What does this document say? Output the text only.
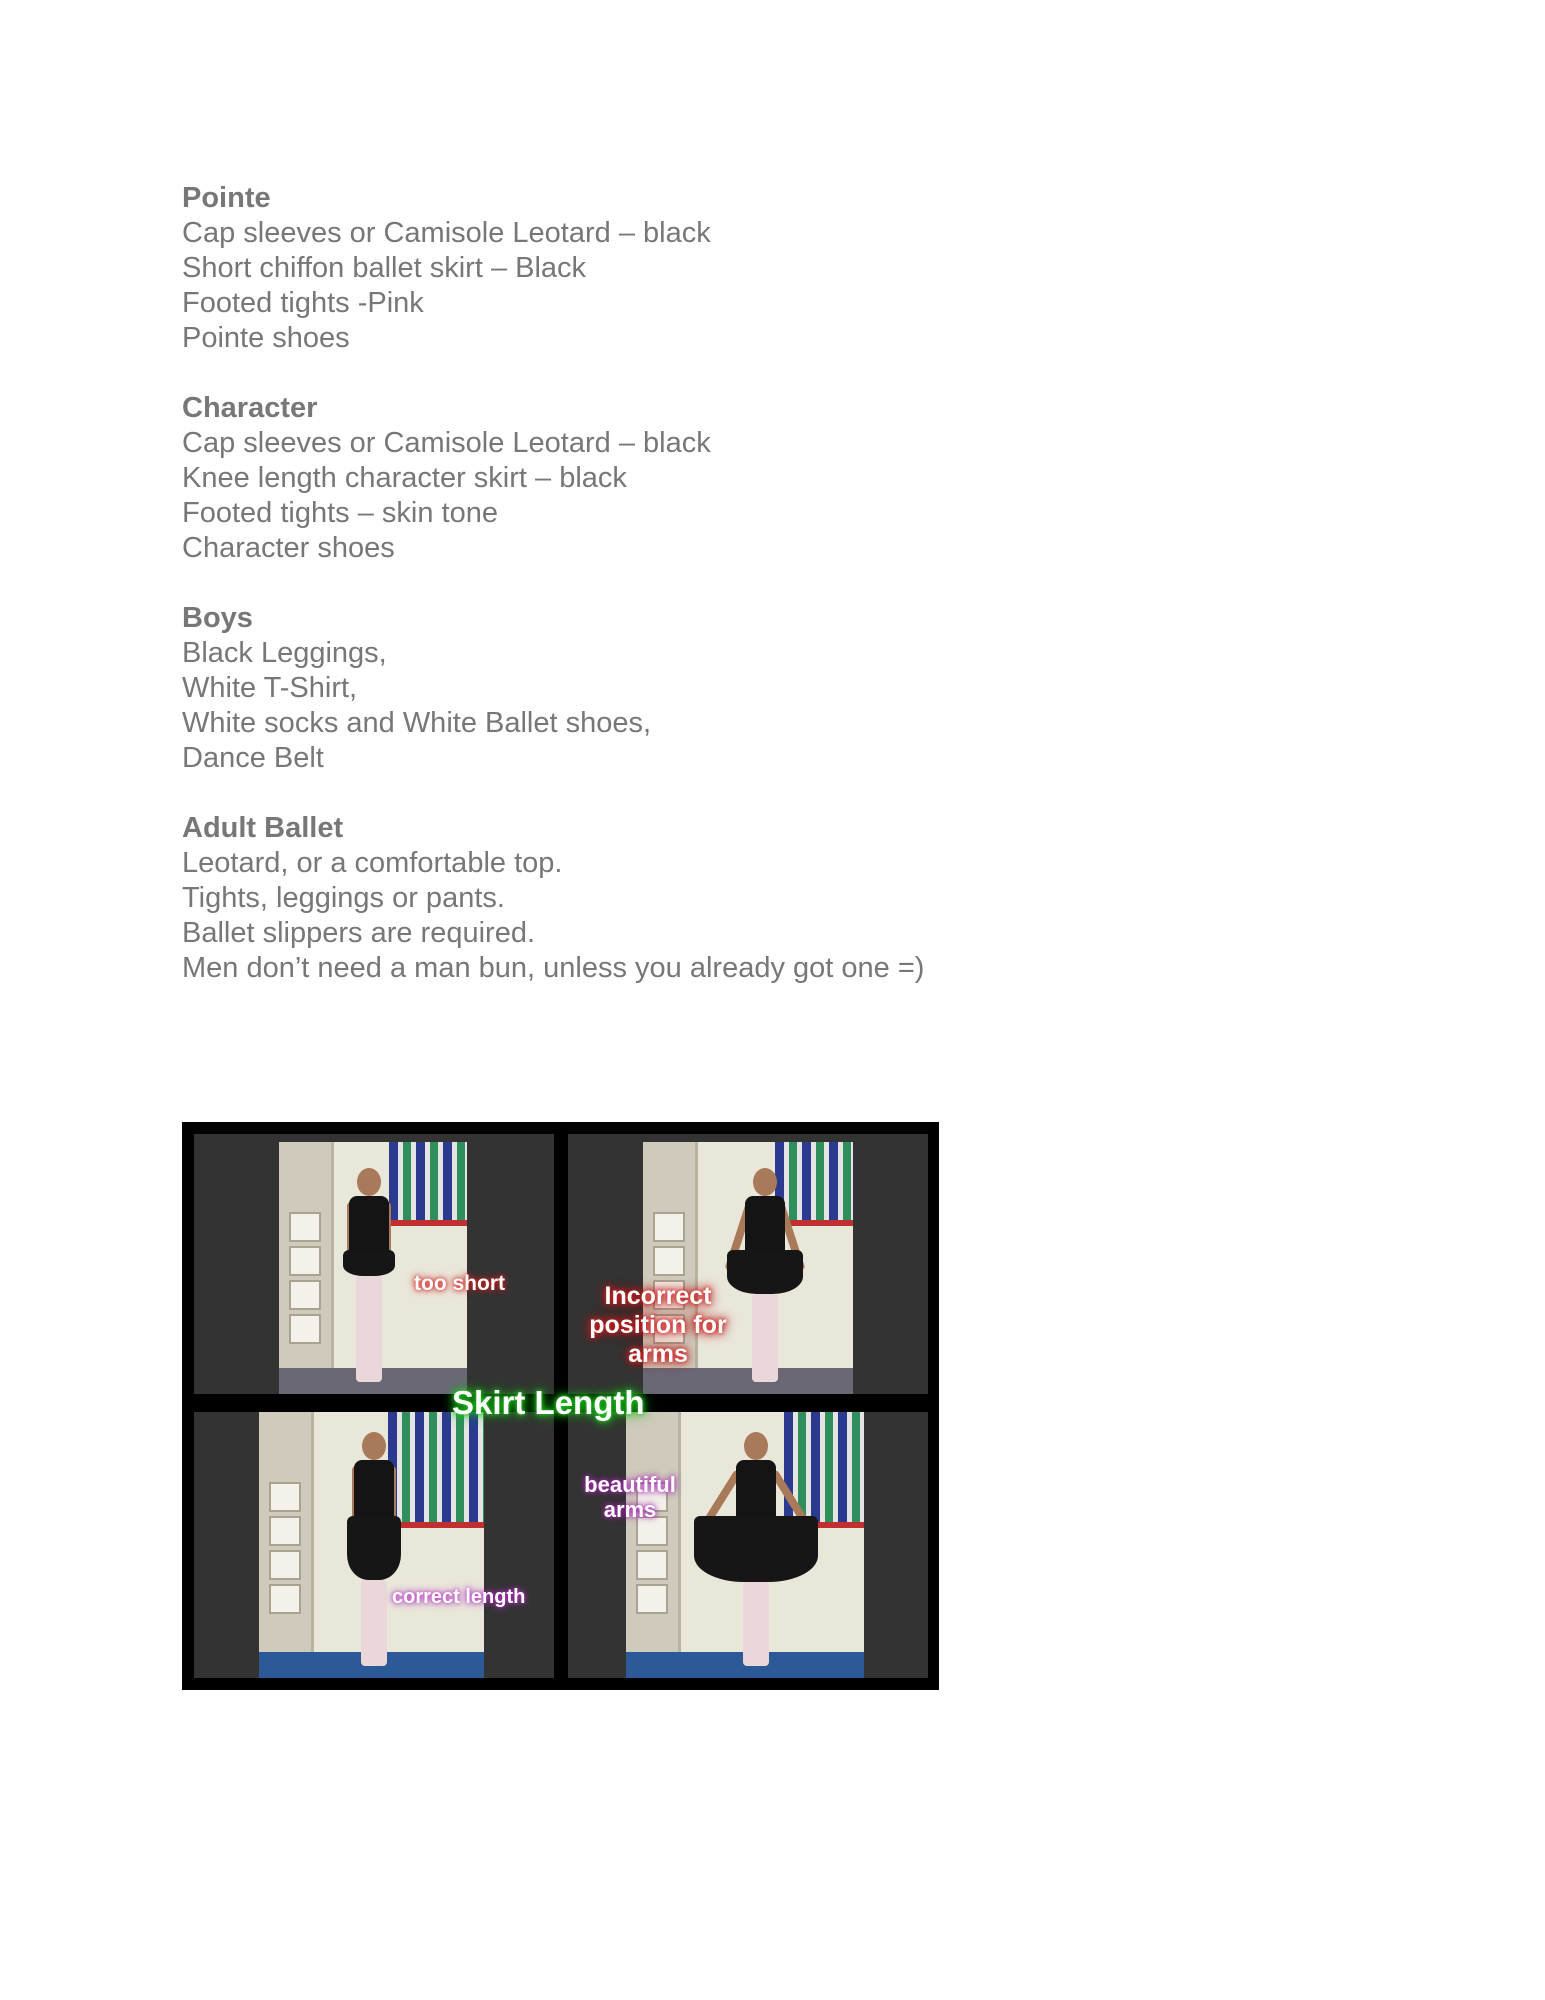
Pointe
Cap sleeves or Camisole Leotard – black
Short chiffon ballet skirt – Black
Footed tights -Pink
Pointe shoes
Character
Cap sleeves or Camisole Leotard – black
Knee length character skirt – black
Footed tights – skin tone
Character shoes
Boys
Black Leggings,
White T-Shirt,
White socks and White Ballet shoes,
Dance Belt
Adult Ballet
Leotard, or a comfortable top.
Tights, leggings or pants.
Ballet slippers are required.
Men don’t need a man bun, unless you already got one =)
too short	Incorrect position for arms
correct length
beautiful arms
Skirt Length
